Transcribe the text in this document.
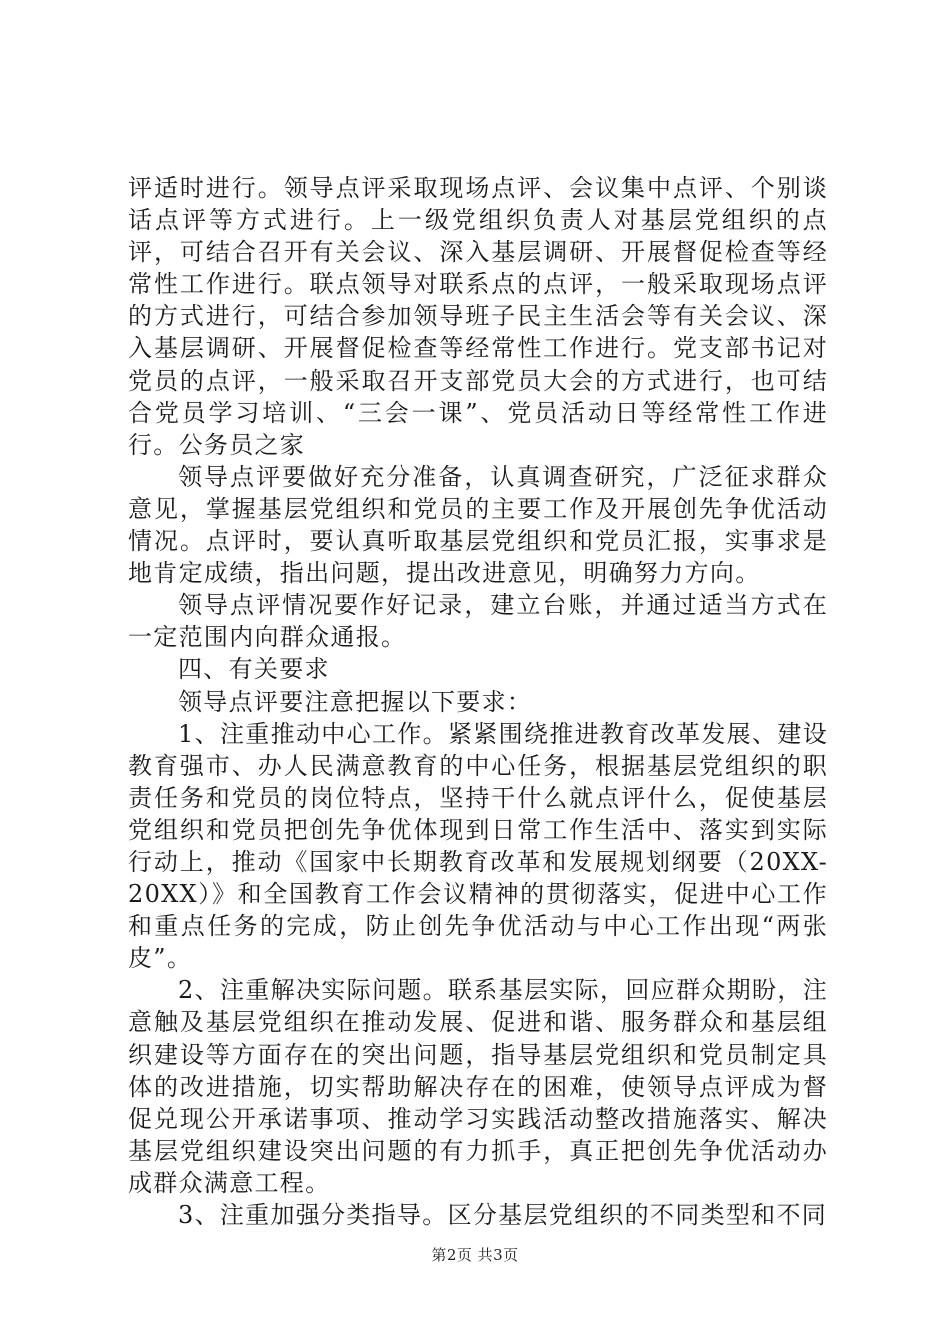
评适时进行。领导点评采取现场点评、会议集中点评、个别谈话点评等方式进行。上一级党组织负责人对基层党组织的点评，可结合召开有关会议、深入基层调研、开展督促检查等经常性工作进行。联点领导对联系点的点评，一般采取现场点评的方式进行，可结合参加领导班子民主生活会等有关会议、深入基层调研、开展督促检查等经常性工作进行。党支部书记对党员的点评，一般采取召开支部党员大会的方式进行，也可结合党员学习培训、“三会一课”、党员活动日等经常性工作进行。公务员之家

领导点评要做好充分准备，认真调查研究，广泛征求群众意见，掌握基层党组织和党员的主要工作及开展创先争优活动情况。点评时，要认真听取基层党组织和党员汇报，实事求是地肯定成绩，指出问题，提出改进意见，明确努力方向。

领导点评情况要作好记录，建立台账，并通过适当方式在一定范围内向群众通报。

四、有关要求

领导点评要注意把握以下要求：

1、注重推动中心工作。紧紧围绕推进教育改革发展、建设教育强市、办人民满意教育的中心任务，根据基层党组织的职责任务和党员的岗位特点，坚持干什么就点评什么，促使基层党组织和党员把创先争优体现到日常工作生活中、落实到实际行动上，推动《国家中长期教育改革和发展规划纲要（20XX-20XX）》和全国教育工作会议精神的贯彻落实，促进中心工作和重点任务的完成，防止创先争优活动与中心工作出现“两张皮”。

2、注重解决实际问题。联系基层实际，回应群众期盼，注意触及基层党组织在推动发展、促进和谐、服务群众和基层组织建设等方面存在的突出问题，指导基层党组织和党员制定具体的改进措施，切实帮助解决存在的困难，使领导点评成为督促兑现公开承诺事项、推动学习实践活动整改措施落实、解决基层党组织建设突出问题的有力抓手，真正把创先争优活动办成群众满意工程。

3、注重加强分类指导。区分基层党组织的不同类型和不同

第2页 共3页
